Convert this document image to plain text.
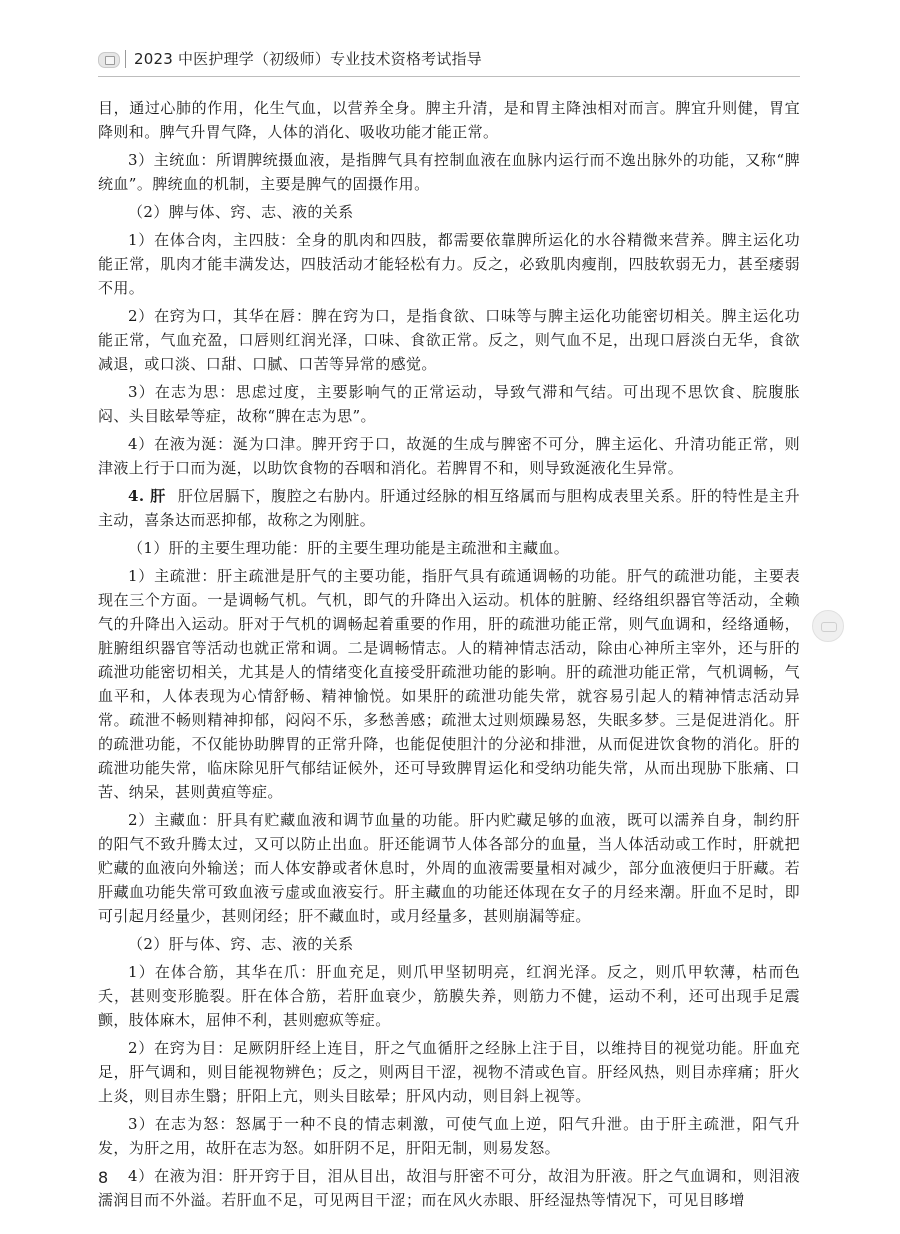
2023 中医护理学（初级师）专业技术资格考试指导

目，通过心肺的作用，化生气血，以营养全身。脾主升清，是和胃主降浊相对而言。脾宜升则健，胃宜降则和。脾气升胃气降，人体的消化、吸收功能才能正常。

3）主统血：所谓脾统摄血液，是指脾气具有控制血液在血脉内运行而不逸出脉外的功能，又称“脾统血”。脾统血的机制，主要是脾气的固摄作用。

（2）脾与体、窍、志、液的关系

1）在体合肉，主四肢：全身的肌肉和四肢，都需要依靠脾所运化的水谷精微来营养。脾主运化功能正常，肌肉才能丰满发达，四肢活动才能轻松有力。反之，必致肌肉瘦削，四肢软弱无力，甚至痿弱不用。

2）在窍为口，其华在唇：脾在窍为口，是指食欲、口味等与脾主运化功能密切相关。脾主运化功能正常，气血充盈，口唇则红润光泽，口味、食欲正常。反之，则气血不足，出现口唇淡白无华，食欲减退，或口淡、口甜、口腻、口苦等异常的感觉。

3）在志为思：思虑过度，主要影响气的正常运动，导致气滞和气结。可出现不思饮食、脘腹胀闷、头目眩晕等症，故称“脾在志为思”。

4）在液为涎：涎为口津。脾开窍于口，故涎的生成与脾密不可分，脾主运化、升清功能正常，则津液上行于口而为涎，以助饮食物的吞咽和消化。若脾胃不和，则导致涎液化生异常。

4. 肝 肝位居膈下，腹腔之右胁内。肝通过经脉的相互络属而与胆构成表里关系。肝的特性是主升主动，喜条达而恶抑郁，故称之为刚脏。

（1）肝的主要生理功能：肝的主要生理功能是主疏泄和主藏血。

1）主疏泄：肝主疏泄是肝气的主要功能，指肝气具有疏通调畅的功能。肝气的疏泄功能，主要表现在三个方面。一是调畅气机。气机，即气的升降出入运动。机体的脏腑、经络组织器官等活动，全赖气的升降出入运动。肝对于气机的调畅起着重要的作用，肝的疏泄功能正常，则气血调和，经络通畅，脏腑组织器官等活动也就正常和调。二是调畅情志。人的精神情志活动，除由心神所主宰外，还与肝的疏泄功能密切相关，尤其是人的情绪变化直接受肝疏泄功能的影响。肝的疏泄功能正常，气机调畅，气血平和，人体表现为心情舒畅、精神愉悦。如果肝的疏泄功能失常，就容易引起人的精神情志活动异常。疏泄不畅则精神抑郁，闷闷不乐，多愁善感；疏泄太过则烦躁易怒，失眠多梦。三是促进消化。肝的疏泄功能，不仅能协助脾胃的正常升降，也能促使胆汁的分泌和排泄，从而促进饮食物的消化。肝的疏泄功能失常，临床除见肝气郁结证候外，还可导致脾胃运化和受纳功能失常，从而出现胁下胀痛、口苦、纳呆，甚则黄疸等症。

2）主藏血：肝具有贮藏血液和调节血量的功能。肝内贮藏足够的血液，既可以濡养自身，制约肝的阳气不致升腾太过，又可以防止出血。肝还能调节人体各部分的血量，当人体活动或工作时，肝就把贮藏的血液向外输送；而人体安静或者休息时，外周的血液需要量相对减少，部分血液便归于肝藏。若肝藏血功能失常可致血液亏虚或血液妄行。肝主藏血的功能还体现在女子的月经来潮。肝血不足时，即可引起月经量少，甚则闭经；肝不藏血时，或月经量多，甚则崩漏等症。

（2）肝与体、窍、志、液的关系

1）在体合筋，其华在爪：肝血充足，则爪甲坚韧明亮，红润光泽。反之，则爪甲软薄，枯而色夭，甚则变形脆裂。肝在体合筋，若肝血衰少，筋膜失养，则筋力不健，运动不利，还可出现手足震颤，肢体麻木，屈伸不利，甚则瘛疭等症。

2）在窍为目：足厥阴肝经上连目，肝之气血循肝之经脉上注于目，以维持目的视觉功能。肝血充足，肝气调和，则目能视物辨色；反之，则两目干涩，视物不清或色盲。肝经风热，则目赤痒痛；肝火上炎，则目赤生翳；肝阳上亢，则头目眩晕；肝风内动，则目斜上视等。

3）在志为怒：怒属于一种不良的情志刺激，可使气血上逆，阳气升泄。由于肝主疏泄，阳气升发，为肝之用，故肝在志为怒。如肝阴不足，肝阳无制，则易发怒。

4）在液为泪：肝开窍于目，泪从目出，故泪与肝密不可分，故泪为肝液。肝之气血调和，则泪液濡润目而不外溢。若肝血不足，可见两目干涩；而在风火赤眼、肝经湿热等情况下，可见目眵增

8
